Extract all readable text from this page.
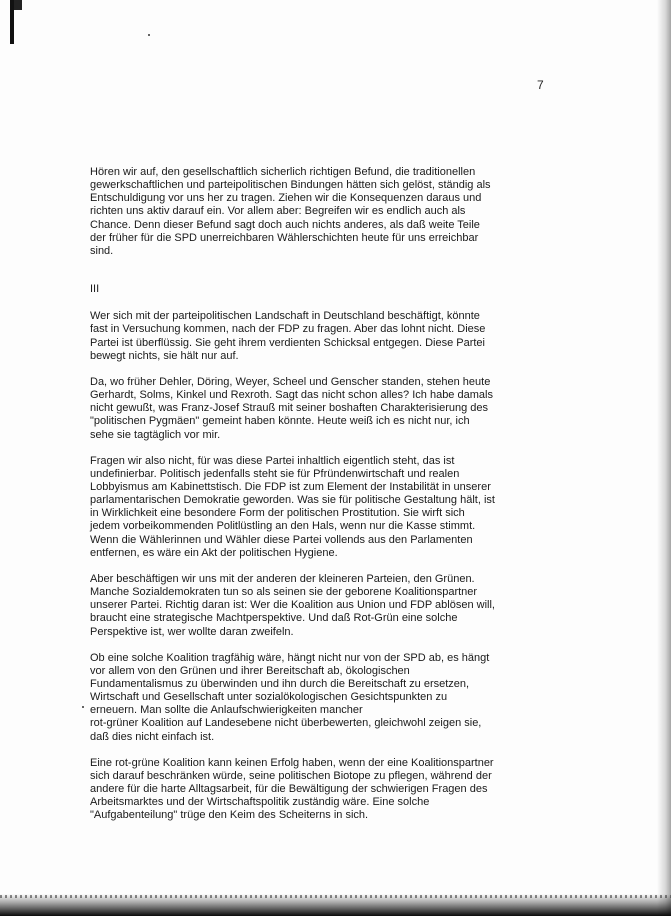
7
Hören wir auf, den gesellschaftlich sicherlich richtigen Befund, die traditionellen
gewerkschaftlichen und parteipolitischen Bindungen hätten sich gelöst, ständig als
Entschuldigung vor uns her zu tragen. Ziehen wir die Konsequenzen daraus und
richten uns aktiv darauf ein. Vor allem aber: Begreifen wir es endlich auch als
Chance. Denn dieser Befund sagt doch auch nichts anderes, als daß weite Teile
der früher für die SPD unerreichbaren Wählerschichten heute für uns erreichbar
sind.
III
Wer sich mit der parteipolitischen Landschaft in Deutschland beschäftigt, könnte
fast in Versuchung kommen, nach der FDP zu fragen. Aber das lohnt nicht. Diese
Partei ist überflüssig. Sie geht ihrem verdienten Schicksal entgegen. Diese Partei
bewegt nichts, sie hält nur auf.
Da, wo früher Dehler, Döring, Weyer, Scheel und Genscher standen, stehen heute
Gerhardt, Solms, Kinkel und Rexroth. Sagt das nicht schon alles? Ich habe damals
nicht gewußt, was Franz-Josef Strauß mit seiner boshaften Charakterisierung des
"politischen Pygmäen" gemeint haben könnte. Heute weiß ich es nicht nur, ich
sehe sie tagtäglich vor mir.
Fragen wir also nicht, für was diese Partei inhaltlich eigentlich steht, das ist
undefinierbar. Politisch jedenfalls steht sie für Pfründenwirtschaft und realen
Lobbyismus am Kabinettstisch. Die FDP ist zum Element der Instabilität in unserer
parlamentarischen Demokratie geworden. Was sie für politische Gestaltung hält, ist
in Wirklichkeit eine besondere Form der politischen Prostitution. Sie wirft sich
jedem vorbeikommenden Politlüstling an den Hals, wenn nur die Kasse stimmt.
Wenn die Wählerinnen und Wähler diese Partei vollends aus den Parlamenten
entfernen, es wäre ein Akt der politischen Hygiene.
Aber beschäftigen wir uns mit der anderen der kleineren Parteien, den Grünen.
Manche Sozialdemokraten tun so als seinen sie der geborene Koalitionspartner
unserer Partei. Richtig daran ist: Wer die Koalition aus Union und FDP ablösen will,
braucht eine strategische Machtperspektive. Und daß Rot-Grün eine solche
Perspektive ist, wer wollte daran zweifeln.
Ob eine solche Koalition tragfähig wäre, hängt nicht nur von der SPD ab, es hängt
vor allem von den Grünen und ihrer Bereitschaft ab, ökologischen
Fundamentalismus zu überwinden und ihn durch die Bereitschaft zu ersetzen,
Wirtschaft und Gesellschaft unter sozialökologischen Gesichtspunkten zu
erneuern. Man sollte die Anlaufschwierigkeiten mancher
rot-grüner Koalition auf Landesebene nicht überbewerten, gleichwohl zeigen sie,
daß dies nicht einfach ist.
Eine rot-grüne Koalition kann keinen Erfolg haben, wenn der eine Koalitionspartner
sich darauf beschränken würde, seine politischen Biotope zu pflegen, während der
andere für die harte Alltagsarbeit, für die Bewältigung der schwierigen Fragen des
Arbeitsmarktes und der Wirtschaftspolitik zuständig wäre. Eine solche
"Aufgabenteilung" trüge den Keim des Scheiterns in sich.
